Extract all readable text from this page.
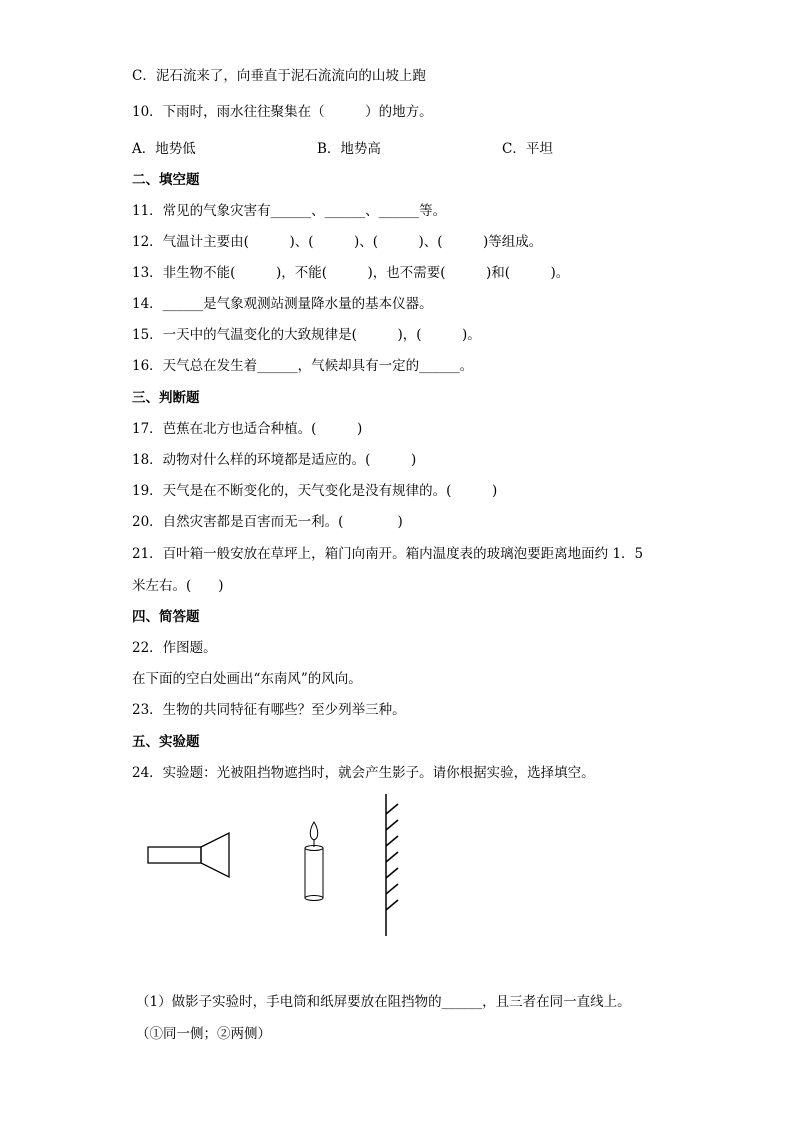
C．泥石流来了，向垂直于泥石流流向的山坡上跑
10．下雨时，雨水往往聚集在（　　　）的地方。
A．地势低	B．地势高	C．平坦
二、填空题
11．常见的气象灾害有______、______、______等。
12．气温计主要由(　　　)、(　　　)、(　　　)、(　　　)等组成。
13．非生物不能(　　　)，不能(　　　)，也不需要(　　　)和(　　　)。
14．______是气象观测站测量降水量的基本仪器。
15．一天中的气温变化的大致规律是(　　　)，(　　　)。
16．天气总在发生着______，气候却具有一定的______。
三、判断题
17．芭蕉在北方也适合种植。(　　　)
18．动物对什么样的环境都是适应的。(　　　)
19．天气是在不断变化的，天气变化是没有规律的。(　　　)
20．自然灾害都是百害而无一利。(　　　　)
21．百叶箱一般安放在草坪上，箱门向南开。箱内温度表的玻璃泡要距离地面约 1．5
米左右。(　　)
四、简答题
22．作图题。
在下面的空白处画出“东南风”的风向。
23．生物的共同特征有哪些？至少列举三种。
五、实验题
24．实验题：光被阻挡物遮挡时，就会产生影子。请你根据实验，选择填空。
（1）做影子实验时，手电筒和纸屏要放在阻挡物的______，且三者在同一直线上。
（①同一侧；②两侧）
